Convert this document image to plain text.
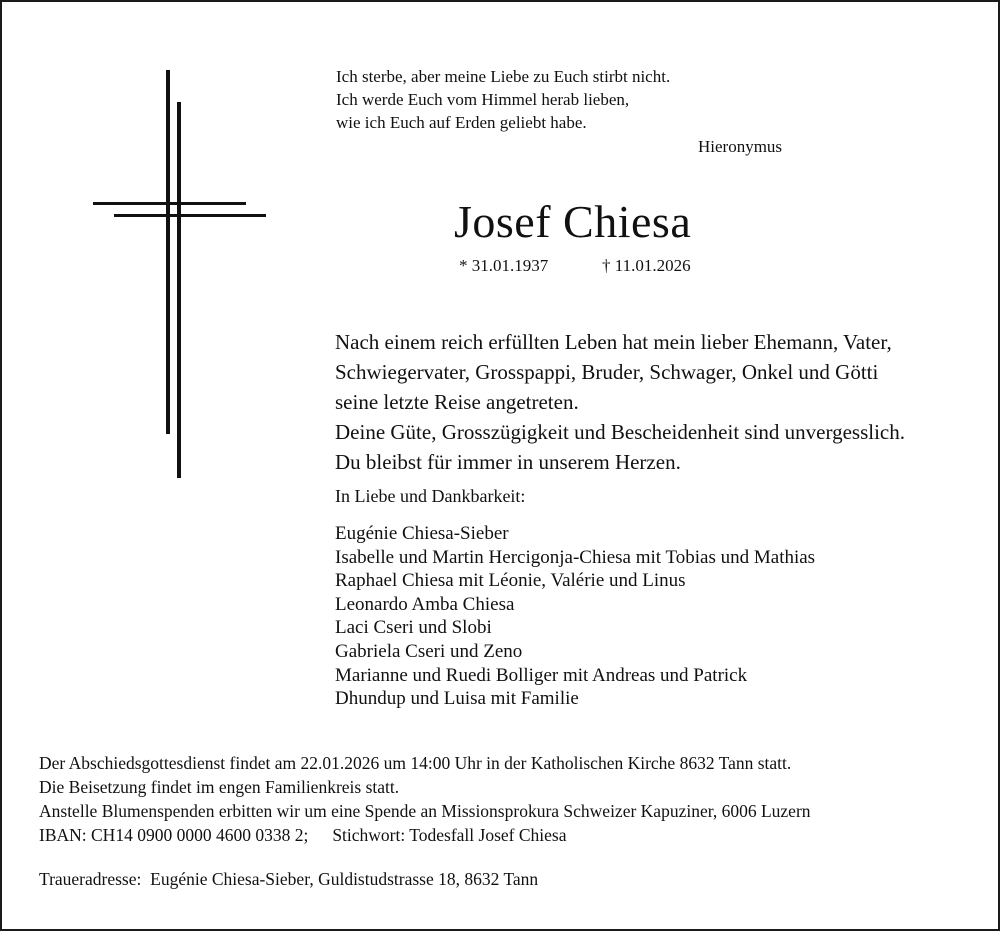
Ich sterbe, aber meine Liebe zu Euch stirbt nicht.
Ich werde Euch vom Himmel herab lieben,
wie ich Euch auf Erden geliebt habe.
Hieronymus
Josef Chiesa
* 31.01.1937	† 11.01.2026
Nach einem reich erfüllten Leben hat mein lieber Ehemann, Vater,
Schwiegervater, Grosspappi, Bruder, Schwager, Onkel und Götti
seine letzte Reise angetreten.
Deine Güte, Grosszügigkeit und Bescheidenheit sind unvergesslich.
Du bleibst für immer in unserem Herzen.
In Liebe und Dankbarkeit:
Eugénie Chiesa-Sieber
Isabelle und Martin Hercigonja-Chiesa mit Tobias und Mathias
Raphael Chiesa mit Léonie, Valérie und Linus
Leonardo Amba Chiesa
Laci Cseri und Slobi
Gabriela Cseri und Zeno
Marianne und Ruedi Bolliger mit Andreas und Patrick
Dhundup und Luisa mit Familie
Der Abschiedsgottesdienst findet am 22.01.2026 um 14:00 Uhr in der Katholischen Kirche 8632 Tann statt.
Die Beisetzung findet im engen Familienkreis statt.
Anstelle Blumenspenden erbitten wir um eine Spende an Missionsprokura Schweizer Kapuziner, 6006 Luzern
IBAN: CH14 0900 0000 4600 0338 2; Stichwort: Todesfall Josef Chiesa
Traueradresse: Eugénie Chiesa-Sieber, Guldistudstrasse 18, 8632 Tann
